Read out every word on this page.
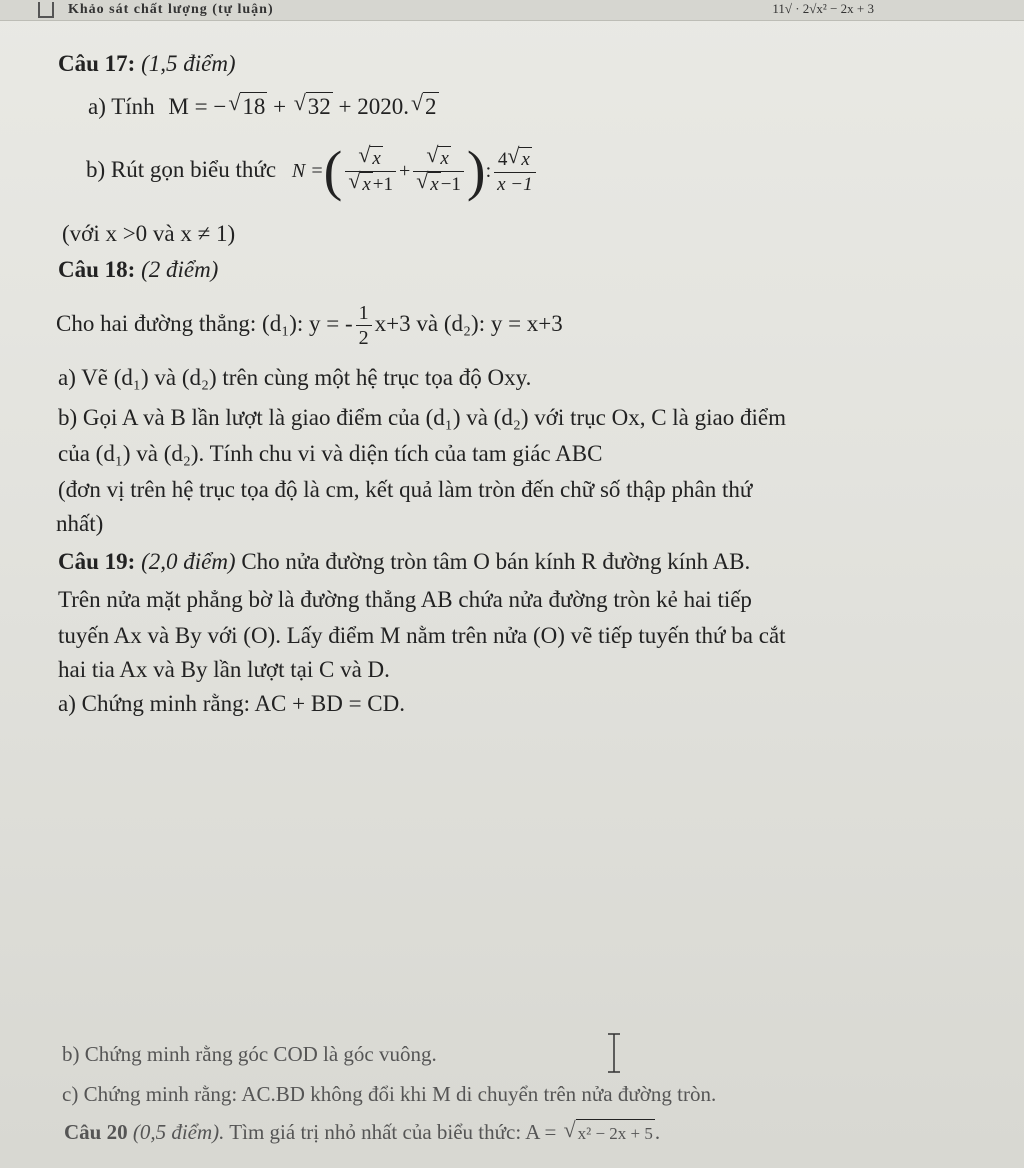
Khảo sát chất lượng (tự luận)	11√ · 2√x² − 2x + 3
Câu 17: (1,5 điểm)
a) Tính M = − √ 18 + √ 32 + 2020. √ 2
b) Rút gọn biểu thức N =( √ x
√ x +1 + √ x
√ x −1 ): $\frac{4 √ x}{x -1}$
(với x >0 và x ≠ 1)
Câu 18: (2 điểm)
Cho hai đường thẳng: (d₁): y = - $\frac{1}{2} x+3$ và (d₂): y = x+3
a) Vẽ (d₁) và (d₂) trên cùng một hệ trục tọa độ Oxy.
b) Gọi A và B lần lượt là giao điểm của (d₁) và (d₂) với trục Ox, C là giao điểm
của (d₁) và (d₂). Tính chu vi và diện tích của tam giác ABC
(đơn vị trên hệ trục tọa độ là cm, kết quả làm tròn đến chữ số thập phân thứ
nhất)
Câu 19: (2,0 điểm) Cho nửa đường tròn tâm O bán kính R đường kính AB.
Trên nửa mặt phẳng bờ là đường thẳng AB chứa nửa đường tròn kẻ hai tiếp
tuyến Ax và By với (O). Lấy điểm M nằm trên nửa (O) vẽ tiếp tuyến thứ ba cắt
hai tia Ax và By lần lượt tại C và D.
a) Chứng minh rằng: AC + BD = CD.
b) Chứng minh rằng góc COD là góc vuông.
c) Chứng minh rằng: AC.BD không đổi khi M di chuyển trên nửa đường tròn.
Câu 20 (0,5 điểm). Tìm giá trị nhỏ nhất của biểu thức: A = √ x² − 2x + 5.
